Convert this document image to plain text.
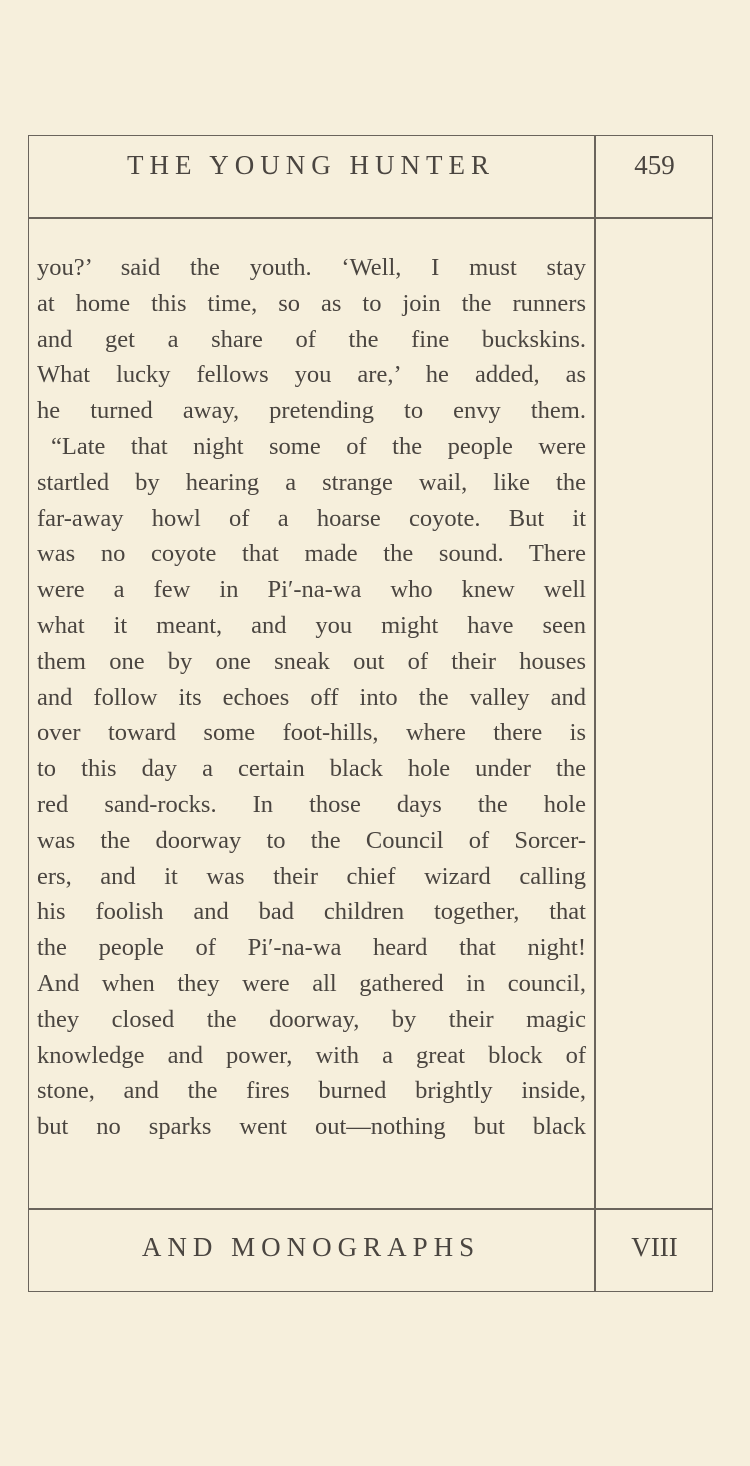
THE YOUNG HUNTER	459
you?’ said the youth. ‘Well, I must stay
at home this time, so as to join the runners
and get a share of the fine buckskins.
What lucky fellows you are,’ he added, as
he turned away, pretending to envy them.
“Late that night some of the people were
startled by hearing a strange wail, like the
far-away howl of a hoarse coyote. But it
was no coyote that made the sound. There
were a few in Pi′-na-wa who knew well
what it meant, and you might have seen
them one by one sneak out of their houses
and follow its echoes off into the valley and
over toward some foot-hills, where there is
to this day a certain black hole under the
red sand-rocks. In those days the hole
was the doorway to the Council of Sorcer-
ers, and it was their chief wizard calling
his foolish and bad children together, that
the people of Pi′-na-wa heard that night!
And when they were all gathered in council,
they closed the doorway, by their magic
knowledge and power, with a great block of
stone, and the fires burned brightly inside,
but no sparks went out—nothing but black
AND MONOGRAPHS	VIII
